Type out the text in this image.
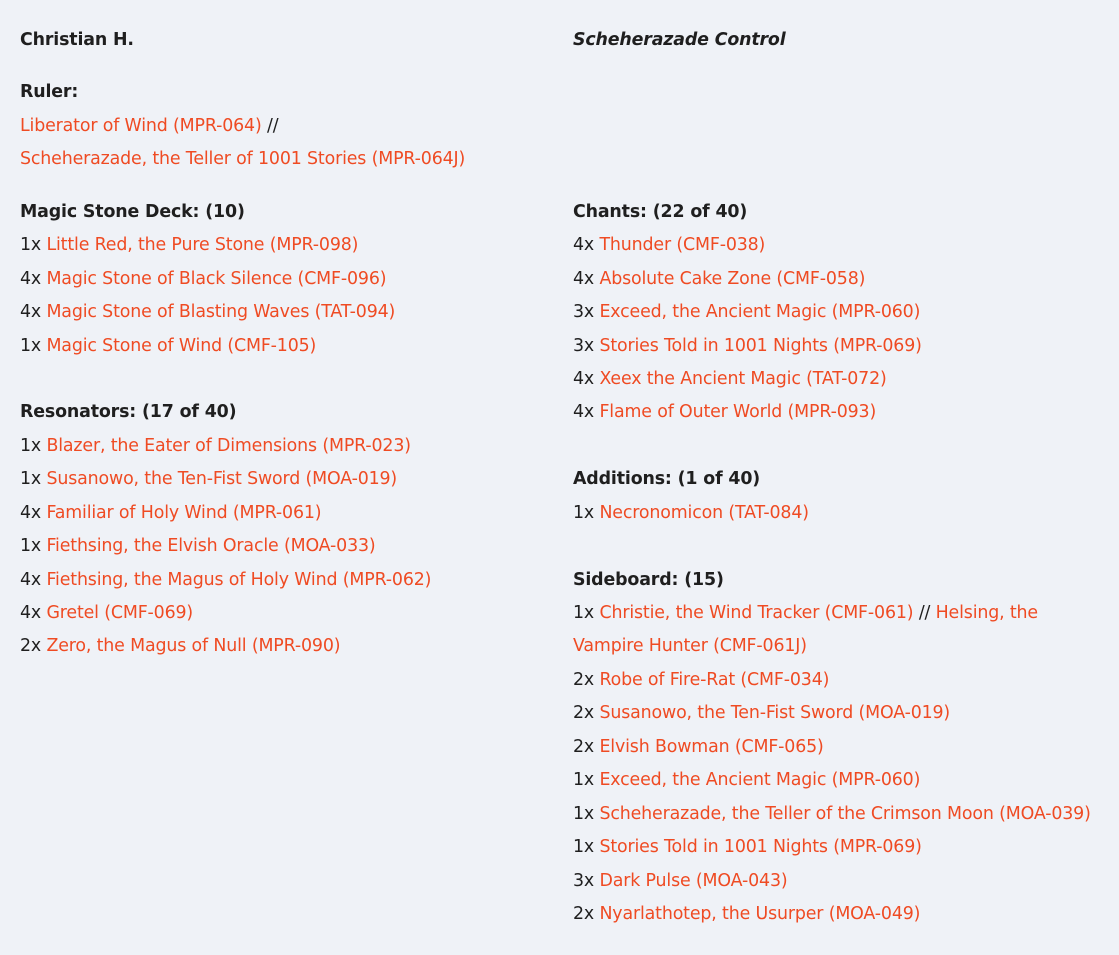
Christian H.
Ruler:
Liberator of Wind (MPR-064) //
Scheherazade, the Teller of 1001 Stories (MPR-064J)
Magic Stone Deck: (10)
1x Little Red, the Pure Stone (MPR-098)
4x Magic Stone of Black Silence (CMF-096)
4x Magic Stone of Blasting Waves (TAT-094)
1x Magic Stone of Wind (CMF-105)
Resonators: (17 of 40)
1x Blazer, the Eater of Dimensions (MPR-023)
1x Susanowo, the Ten-Fist Sword (MOA-019)
4x Familiar of Holy Wind (MPR-061)
1x Fiethsing, the Elvish Oracle (MOA-033)
4x Fiethsing, the Magus of Holy Wind (MPR-062)
4x Gretel (CMF-069)
2x Zero, the Magus of Null (MPR-090)
Scheherazade Control
Chants: (22 of 40)
4x Thunder (CMF-038)
4x Absolute Cake Zone (CMF-058)
3x Exceed, the Ancient Magic (MPR-060)
3x Stories Told in 1001 Nights (MPR-069)
4x Xeex the Ancient Magic (TAT-072)
4x Flame of Outer World (MPR-093)
Additions: (1 of 40)
1x Necronomicon (TAT-084)
Sideboard: (15)
1x Christie, the Wind Tracker (CMF-061) // Helsing, the
Vampire Hunter (CMF-061J)
2x Robe of Fire-Rat (CMF-034)
2x Susanowo, the Ten-Fist Sword (MOA-019)
2x Elvish Bowman (CMF-065)
1x Exceed, the Ancient Magic (MPR-060)
1x Scheherazade, the Teller of the Crimson Moon (MOA-039)
1x Stories Told in 1001 Nights (MPR-069)
3x Dark Pulse (MOA-043)
2x Nyarlathotep, the Usurper (MOA-049)
